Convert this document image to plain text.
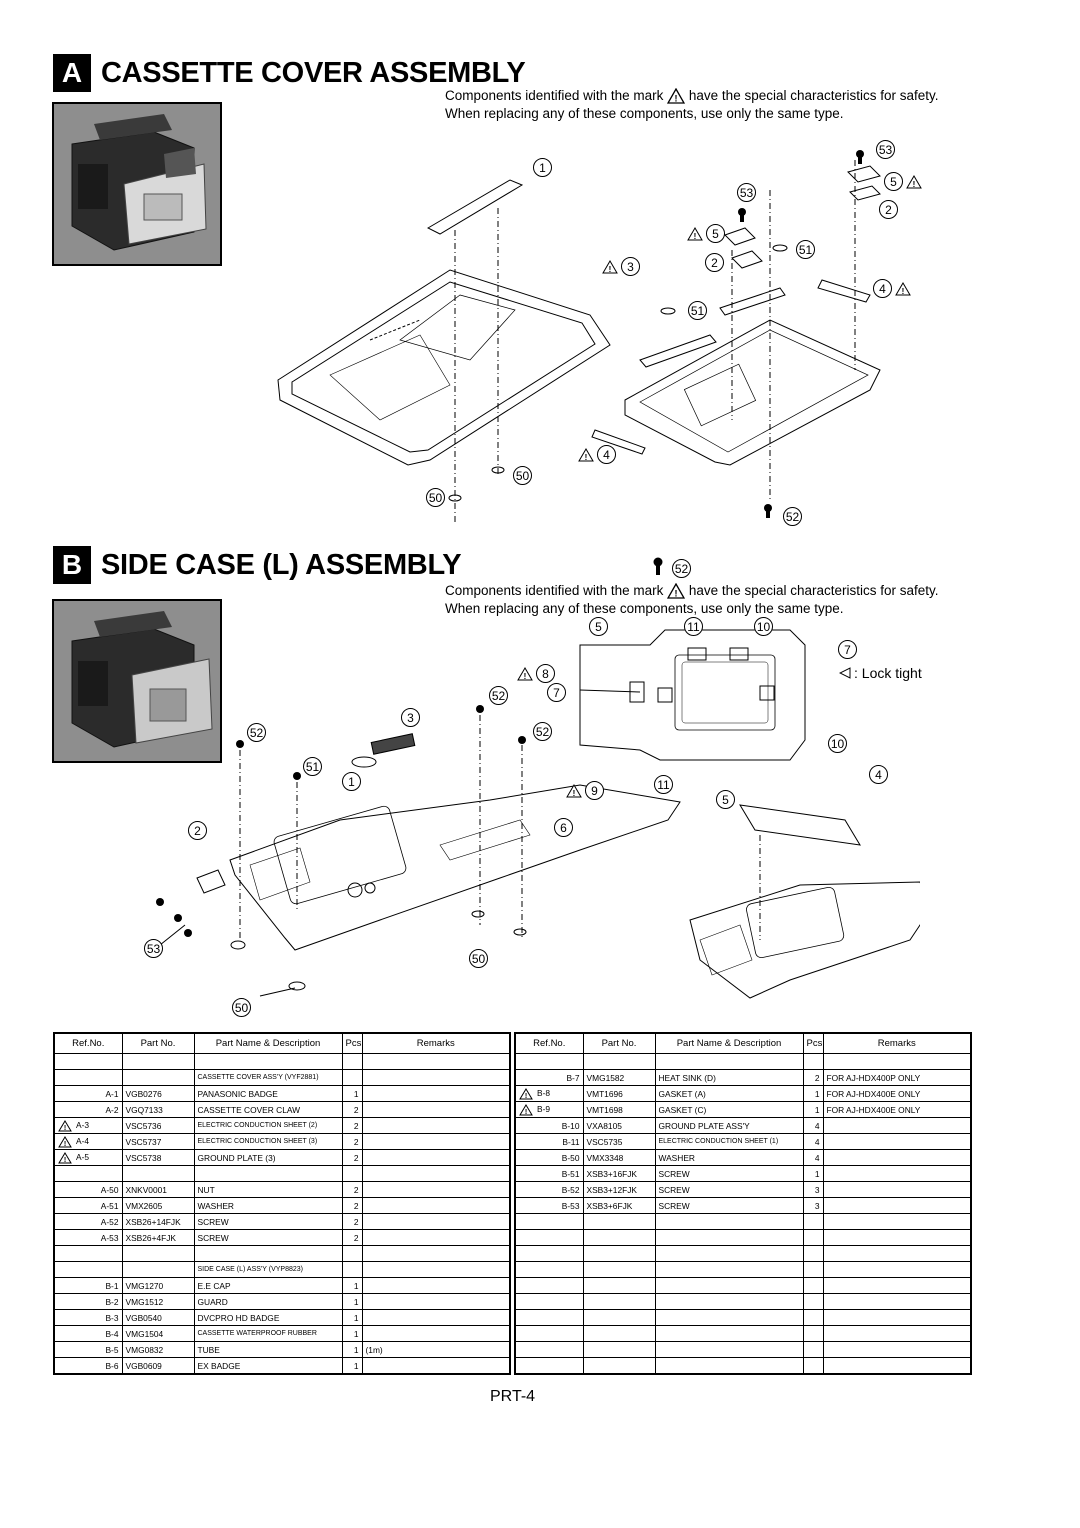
A CASSETTE COVER ASSEMBLY
Components identified with the mark ! have the special characteristics for safety.
When replacing any of these components, use only the same type.
1
53
53
5	!
2
!	5
2
51
!	3
4	!
51
!	4
50
50
52
B SIDE CASE (L) ASSEMBLY	52
Components identified with the mark ! have the special characteristics for safety.
When replacing any of these components, use only the same type.
: Lock tight
5	11	10
7
!	8
7
52
3
52	52
10
51
1
!	9	11
4
5
2	6
53
50
50
Ref.No.	Part No.	Part Name & Description	Pcs	Remarks

		CASSETTE COVER ASS'Y (VYF2881)		
A-1	VGB0276	PANASONIC BADGE	1	
A-2	VGQ7133	CASSETTE COVER CLAW	2	

! A-3	VSC5736	ELECTRIC CONDUCTION SHEET (2)	2	

! A-4	VSC5737	ELECTRIC CONDUCTION SHEET (3)	2	

! A-5	VSC5738	GROUND PLATE (3)	2	

A-50	XNKV0001	NUT	2	
A-51	VMX2605	WASHER	2	
A-52	XSB26+14FJK	SCREW	2	
A-53	XSB26+4FJK	SCREW	2	

		SIDE CASE (L) ASS'Y (VYP8823)		
B-1	VMG1270	E.E CAP	1	
B-2	VMG1512	GUARD	1	
B-3	VGB0540	DVCPRO HD BADGE	1	
B-4	VMG1504	CASSETTE WATERPROOF RUBBER	1	
B-5	VMG0832	TUBE	1	(1m)
B-6	VGB0609	EX BADGE	1	
Ref.No.	Part No.	Part Name & Description	Pcs	Remarks

B-7	VMG1582	HEAT SINK (D)	2	FOR AJ-HDX400P ONLY

! B-8	VMT1696	GASKET (A)	1	FOR AJ-HDX400E ONLY

! B-9	VMT1698	GASKET (C)	1	FOR AJ-HDX400E ONLY
B-10	VXA8105	GROUND PLATE ASS'Y	4	
B-11	VSC5735	ELECTRIC CONDUCTION SHEET (1)	4	
B-50	VMX3348	WASHER	4	
B-51	XSB3+16FJK	SCREW	1	
B-52	XSB3+12FJK	SCREW	3	
B-53	XSB3+6FJK	SCREW	3	

PRT-4
